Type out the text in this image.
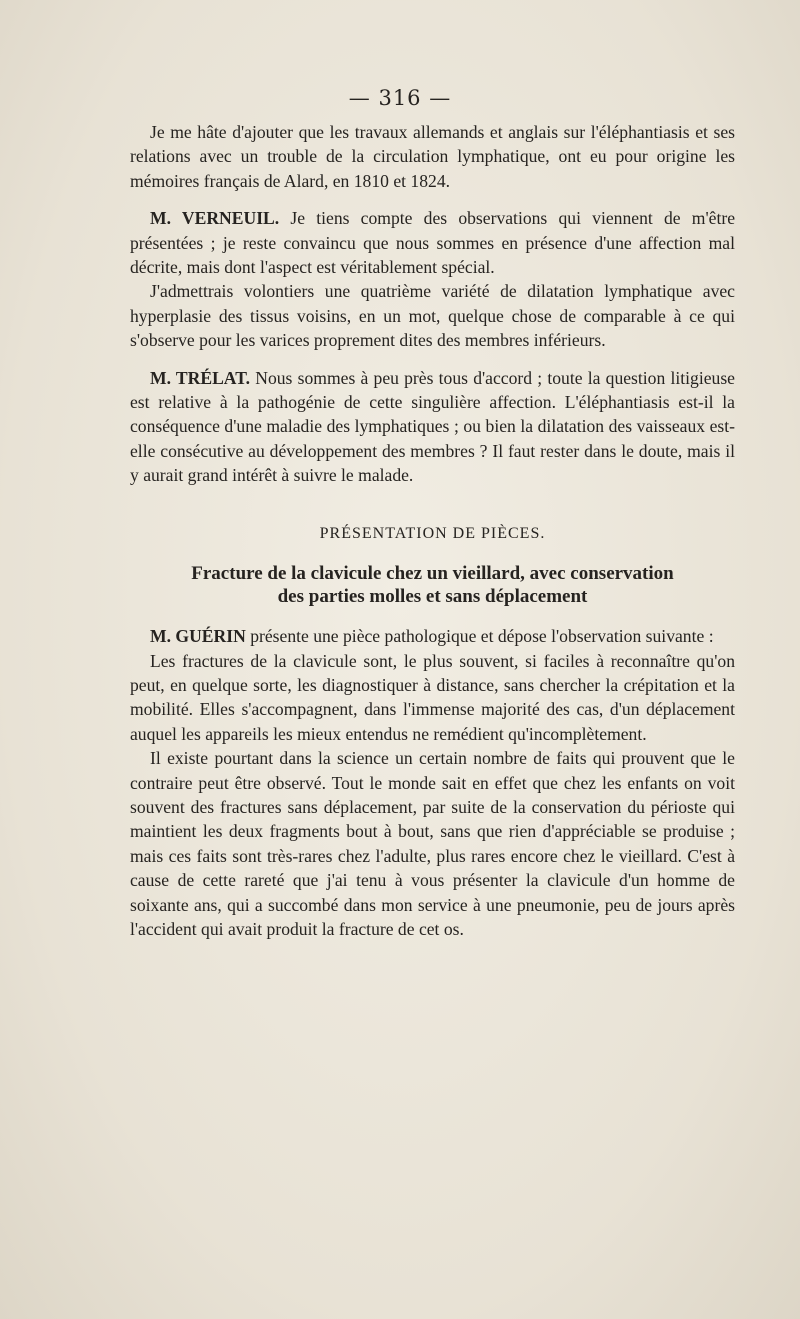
— 316 —

Je me hâte d'ajouter que les travaux allemands et anglais sur l'éléphantiasis et ses relations avec un trouble de la circulation lymphatique, ont eu pour origine les mémoires français de Alard, en 1810 et 1824.

M. VERNEUIL. Je tiens compte des observations qui viennent de m'être présentées ; je reste convaincu que nous sommes en présence d'une affection mal décrite, mais dont l'aspect est véritablement spécial.

J'admettrais volontiers une quatrième variété de dilatation lymphatique avec hyperplasie des tissus voisins, en un mot, quelque chose de comparable à ce qui s'observe pour les varices proprement dites des membres inférieurs.

M. TRÉLAT. Nous sommes à peu près tous d'accord ; toute la question litigieuse est relative à la pathogénie de cette singulière affection. L'éléphantiasis est-il la conséquence d'une maladie des lymphatiques ; ou bien la dilatation des vaisseaux est-elle consécutive au développement des membres ? Il faut rester dans le doute, mais il y aurait grand intérêt à suivre le malade.

PRÉSENTATION DE PIÈCES.
Fracture de la clavicule chez un vieillard, avec conservation
des parties molles et sans déplacement

M. GUÉRIN présente une pièce pathologique et dépose l'observation suivante :

Les fractures de la clavicule sont, le plus souvent, si faciles à reconnaître qu'on peut, en quelque sorte, les diagnostiquer à distance, sans chercher la crépitation et la mobilité. Elles s'accompagnent, dans l'immense majorité des cas, d'un déplacement auquel les appareils les mieux entendus ne remédient qu'incomplètement.

Il existe pourtant dans la science un certain nombre de faits qui prouvent que le contraire peut être observé. Tout le monde sait en effet que chez les enfants on voit souvent des fractures sans déplacement, par suite de la conservation du périoste qui maintient les deux fragments bout à bout, sans que rien d'appréciable se produise ; mais ces faits sont très-rares chez l'adulte, plus rares encore chez le vieillard. C'est à cause de cette rareté que j'ai tenu à vous présenter la clavicule d'un homme de soixante ans, qui a succombé dans mon service à une pneumonie, peu de jours après l'accident qui avait produit la fracture de cet os.
